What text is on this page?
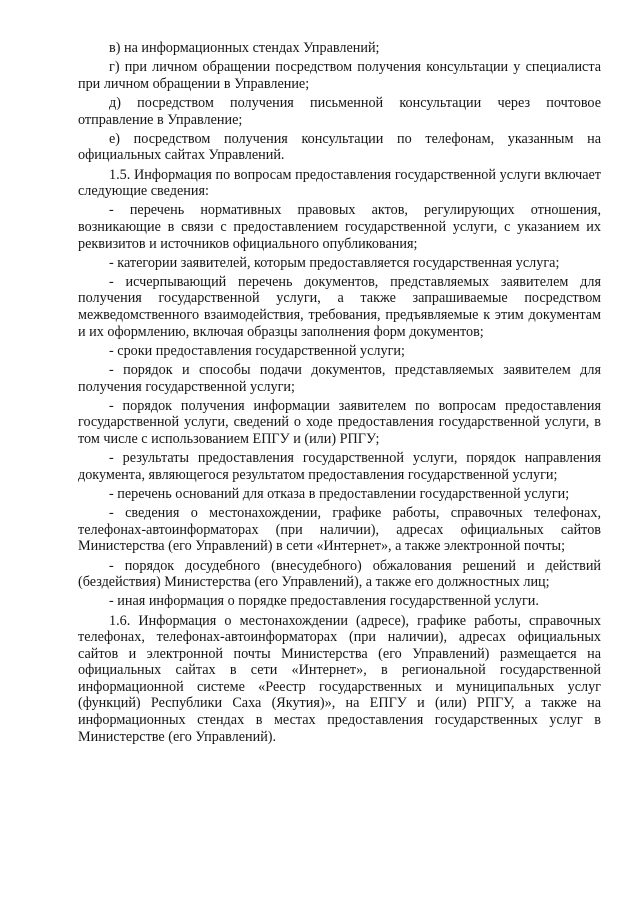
в) на информационных стендах Управлений;

г) при личном обращении посредством получения консультации у специалиста при личном обращении в Управление;

д) посредством получения письменной консультации через почтовое отправление в Управление;

е) посредством получения консультации по телефонам, указанным на официальных сайтах Управлений.

1.5. Информация по вопросам предоставления государственной услуги включает следующие сведения:

- перечень нормативных правовых актов, регулирующих отношения, возникающие в связи с предоставлением государственной услуги, с указанием их реквизитов и источников официального опубликования;

- категории заявителей, которым предоставляется государственная услуга;

- исчерпывающий перечень документов, представляемых заявителем для получения государственной услуги, а также запрашиваемые посредством межведомственного взаимодействия, требования, предъявляемые к этим документам и их оформлению, включая образцы заполнения форм документов;

- сроки предоставления государственной услуги;

- порядок и способы подачи документов, представляемых заявителем для получения государственной услуги;

- порядок получения информации заявителем по вопросам предоставления государственной услуги, сведений о ходе предоставления государственной услуги, в том числе с использованием ЕПГУ и (или) РПГУ;

- результаты предоставления государственной услуги, порядок направления документа, являющегося результатом предоставления государственной услуги;

- перечень оснований для отказа в предоставлении государственной услуги;

- сведения о местонахождении, графике работы, справочных телефонах, телефонах-автоинформаторах (при наличии), адресах официальных сайтов Министерства (его Управлений) в сети «Интернет», а также электронной почты;

- порядок досудебного (внесудебного) обжалования решений и действий (бездействия) Министерства (его Управлений), а также его должностных лиц;

- иная информация о порядке предоставления государственной услуги.

1.6. Информация о местонахождении (адресе), графике работы, справочных телефонах, телефонах-автоинформаторах (при наличии), адресах официальных сайтов и электронной почты Министерства (его Управлений) размещается на официальных сайтах в сети «Интернет», в региональной государственной информационной системе «Реестр государственных и муниципальных услуг (функций) Республики Саха (Якутия)», на ЕПГУ и (или) РПГУ, а также на информационных стендах в местах предоставления государственных услуг в Министерстве (его Управлений).
